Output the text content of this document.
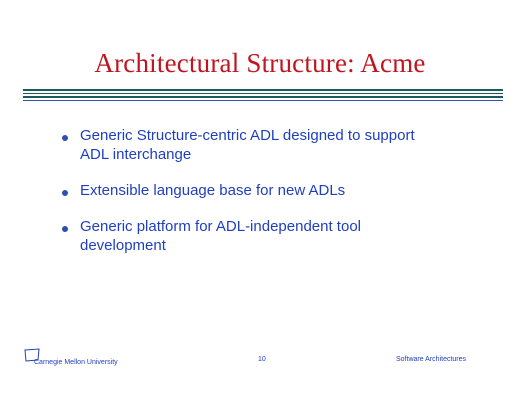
Architectural Structure: Acme
Generic Structure-centric ADL designed to support
ADL interchange
Extensible language base for new ADLs
Generic platform for ADL-independent tool
development
Carnegie Mellon University	10	Software Architectures
